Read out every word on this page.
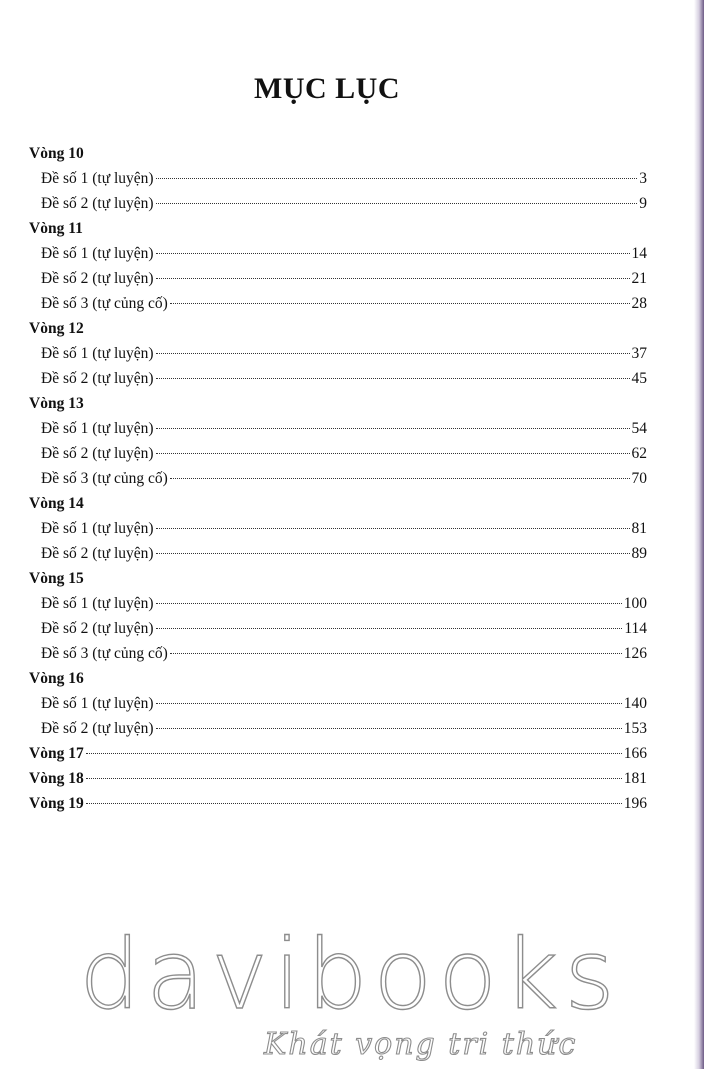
MỤC LỤC
Vòng 10
Đề số 1 (tự luyện)	3
Đề số 2 (tự luyện)	9
Vòng 11
Đề số 1 (tự luyện)	14
Đề số 2 (tự luyện)	21
Đề số 3 (tự củng cố)	28
Vòng 12
Đề số 1 (tự luyện)	37
Đề số 2 (tự luyện)	45
Vòng 13
Đề số 1 (tự luyện)	54
Đề số 2 (tự luyện)	62
Đề số 3 (tự củng cố)	70
Vòng 14
Đề số 1 (tự luyện)	81
Đề số 2 (tự luyện)	89
Vòng 15
Đề số 1 (tự luyện)	100
Đề số 2 (tự luyện)	114
Đề số 3 (tự củng cố)	126
Vòng 16
Đề số 1 (tự luyện)	140
Đề số 2 (tự luyện)	153
Vòng 17	166
Vòng 18	181
Vòng 19	196
davibooks
Khát vọng tri thức
